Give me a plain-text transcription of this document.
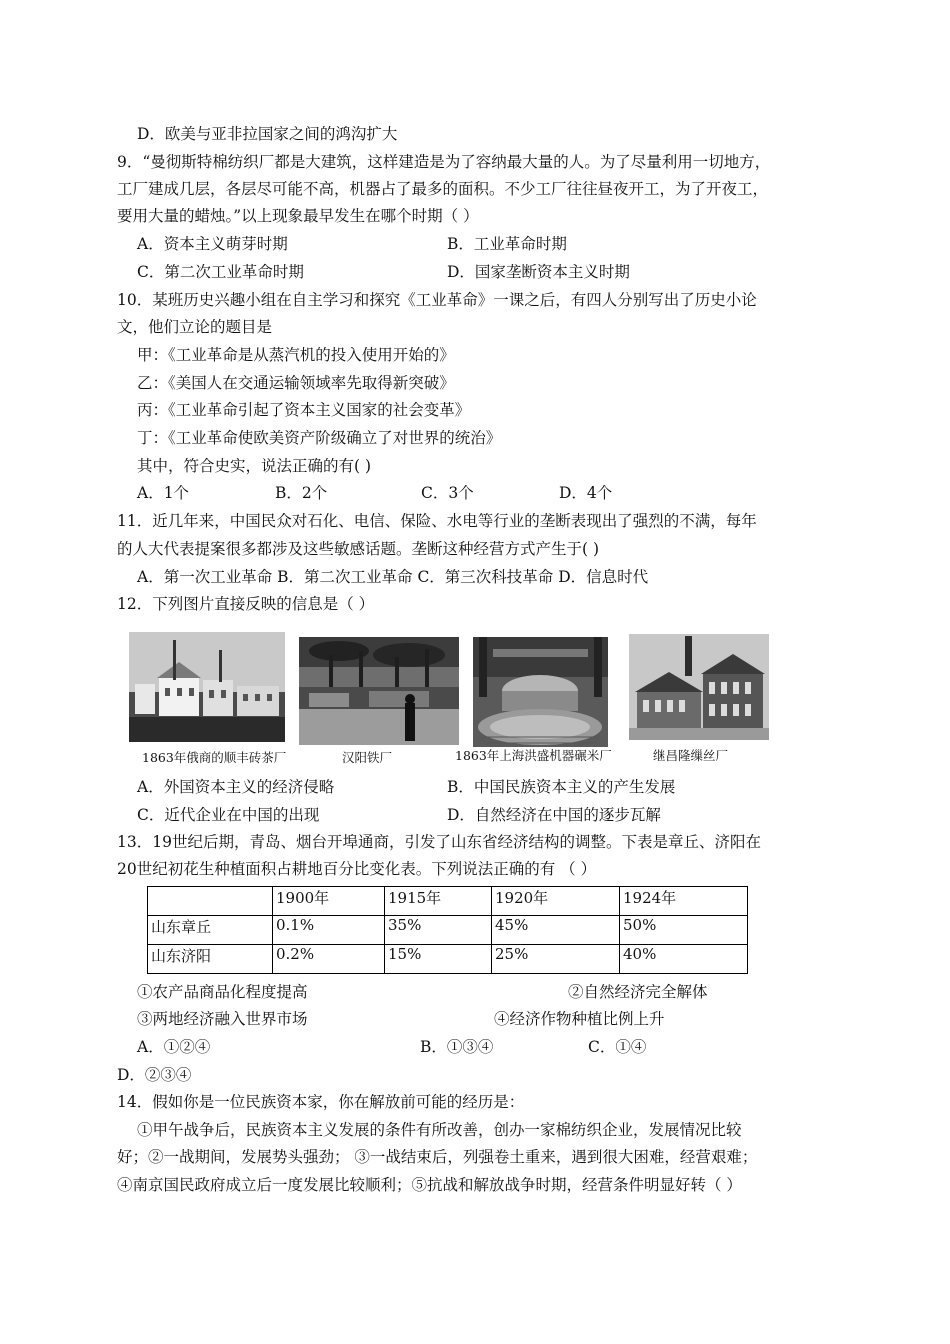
D．欧美与亚非拉国家之间的鸿沟扩大
9．“曼彻斯特棉纺织厂都是大建筑，这样建造是为了容纳最大量的人。为了尽量利用一切地方，
工厂建成几层，各层尽可能不高，机器占了最多的面积。不少工厂往往昼夜开工，为了开夜工，
要用大量的蜡烛。”以上现象最早发生在哪个时期（ ）
A．资本主义萌芽时期	B．工业革命时期
C．第二次工业革命时期	D．国家垄断资本主义时期
10．某班历史兴趣小组在自主学习和探究《工业革命》一课之后，有四人分别写出了历史小论
文，他们立论的题目是
甲：《工业革命是从蒸汽机的投入使用开始的》
乙：《美国人在交通运输领域率先取得新突破》
丙：《工业革命引起了资本主义国家的社会变革》
丁：《工业革命使欧美资产阶级确立了对世界的统治》
其中，符合史实，说法正确的有( )
A．1个	B．2个	C．3个	D．4个
11．近几年来，中国民众对石化、电信、保险、水电等行业的垄断表现出了强烈的不满，每年
的人大代表提案很多都涉及这些敏感话题。垄断这种经营方式产生于( )
A．第一次工业革命 B．第二次工业革命 C．第三次科技革命 D．信息时代
12．下列图片直接反映的信息是（ ）
1863年俄商的顺丰砖茶厂	汉阳铁厂	1863年上海洪盛机器碾米厂	继昌隆缫丝厂
A．外国资本主义的经济侵略	B．中国民族资本主义的产生发展
C．近代企业在中国的出现	D．自然经济在中国的逐步瓦解
13．19世纪后期，青岛、烟台开埠通商，引发了山东省经济结构的调整。下表是章丘、济阳在
20世纪初花生种植面积占耕地百分比变化表。下列说法正确的有 （ ）
	1900年	1915年	1920年	1924年
山东章丘	0.1%	35%	45%	50%
山东济阳	0.2%	15%	25%	40%
①农产品商品化程度提高	②自然经济完全解体
③两地经济融入世界市场	④经济作物种植比例上升
A．①②④	B．①③④	C．①④
D．②③④
14．假如你是一位民族资本家，你在解放前可能的经历是：
①甲午战争后，民族资本主义发展的条件有所改善，创办一家棉纺织企业，发展情况比较
好；②一战期间，发展势头强劲； ③一战结束后，列强卷土重来，遇到很大困难，经营艰难；
④南京国民政府成立后一度发展比较顺利；⑤抗战和解放战争时期，经营条件明显好转（ ）
